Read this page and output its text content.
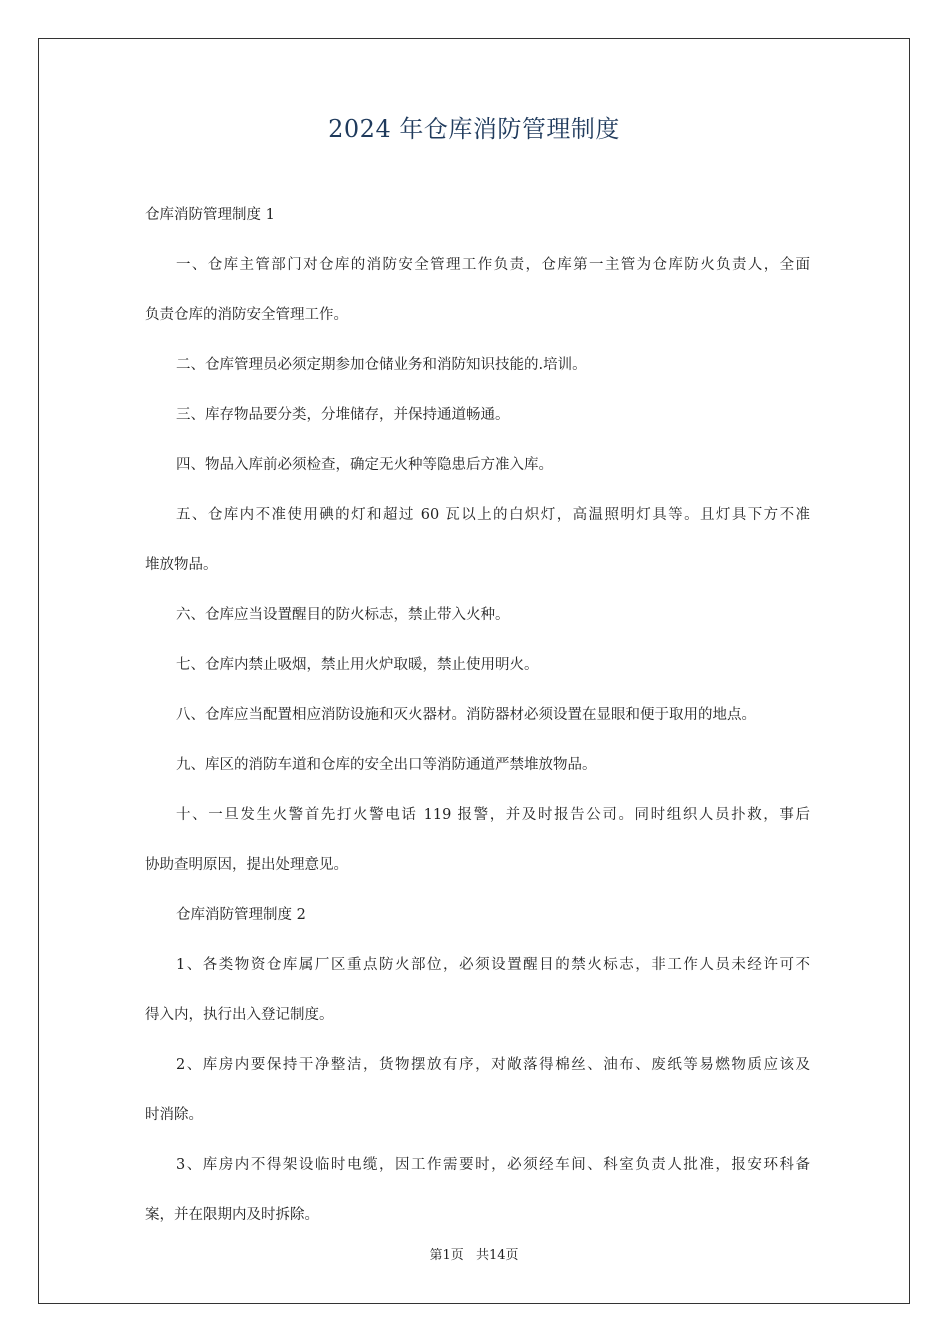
2024 年仓库消防管理制度
仓库消防管理制度 1
一、仓库主管部门对仓库的消防安全管理工作负责，仓库第一主管为仓库防火负责人，全面
负责仓库的消防安全管理工作。
二、仓库管理员必须定期参加仓储业务和消防知识技能的.培训。
三、库存物品要分类，分堆储存，并保持通道畅通。
四、物品入库前必须检查，确定无火种等隐患后方准入库。
五、仓库内不准使用碘的灯和超过 60 瓦以上的白炽灯，高温照明灯具等。且灯具下方不准
堆放物品。
六、仓库应当设置醒目的防火标志，禁止带入火种。
七、仓库内禁止吸烟，禁止用火炉取暖，禁止使用明火。
八、仓库应当配置相应消防设施和灭火器材。消防器材必须设置在显眼和便于取用的地点。
九、库区的消防车道和仓库的安全出口等消防通道严禁堆放物品。
十、一旦发生火警首先打火警电话 119 报警，并及时报告公司。同时组织人员扑救，事后
协助查明原因，提出处理意见。
仓库消防管理制度 2
1、各类物资仓库属厂区重点防火部位，必须设置醒目的禁火标志，非工作人员未经许可不
得入内，执行出入登记制度。
2、库房内要保持干净整洁，货物摆放有序，对敞落得棉丝、油布、废纸等易燃物质应该及
时消除。
3、库房内不得架设临时电缆，因工作需要时，必须经车间、科室负责人批准，报安环科备
案，并在限期内及时拆除。
第1页 共14页
